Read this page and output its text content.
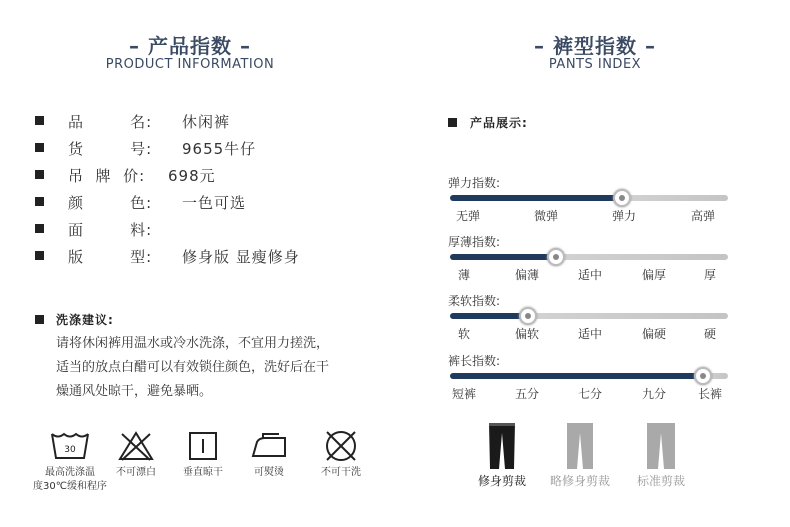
– 产品指数 –
PRODUCT INFORMATION
品        名: 休闲裤
货        号: 9655牛仔
吊  牌  价: 698元
颜        色: 一色可选
面        料:
版        型: 修身版 显瘦修身
洗涤建议:
请将休闲裤用温水或冷水洗涤，不宜用力搓洗，
适当的放点白醋可以有效锁住颜色，洗好后在干
燥通风处晾干，避免暴晒。
30
最高洗涤温
度30℃缓和程序
不可漂白	垂直晾干	可熨烫	不可干洗
– 裤型指数 –
PANTS INDEX
产品展示:
弹力指数:
无弹	微弹	弹力	高弹
厚薄指数:
薄	偏薄	适中	偏厚	厚
柔软指数:
软	偏软	适中	偏硬	硬
裤长指数:
短裤	五分	七分	九分	长裤
修身剪裁	略修身剪裁	标准剪裁
